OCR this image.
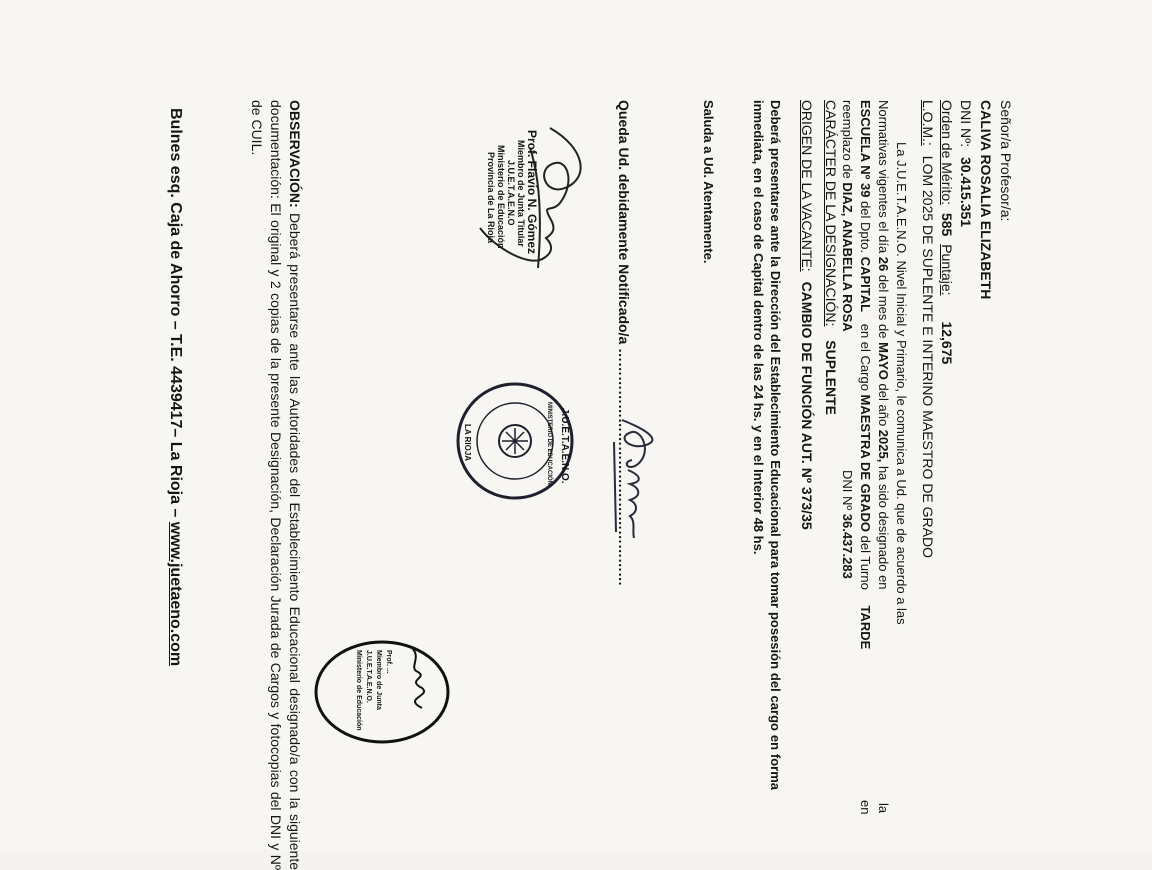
Señor/a Profesor/a:
CALIVA ROSALIA ELIZABETH
DNI Nº: 30.415.351
Orden de Mérito: 585 Puntaje: 12,675
L.O.M.: LOM 2025 DE SUPLENTE E INTERINO MAESTRO DE GRADO
La J.U.E.T.A.E.N.O. Nivel Inicial y Primario, le comunica a Ud. que de acuerdo a las
Normativas vigentes el día 26 del mes de MAYO del año 2025, ha sido designado en
la
ESCUELA Nº 39 del Dpto. CAPITAL en el Cargo MAESTRA DE GRADO del Turno TARDE
en
reemplazo de DIAZ, ANABELLA ROSA
DNI Nº 36.437.283
CARÁCTER DE LA DESIGNACIÓN: SUPLENTE
ORIGEN DE LA VACANTE: CAMBIO DE FUNCIÓN AUT. Nº 373/35
Deberá presentarse ante la Dirección del Establecimiento Educacional para tomar posesión del cargo en forma inmediata, en el caso de Capital dentro de las 24 hs. y en el Interior 48 hs.
Saluda a Ud. Atentamente.
Queda Ud. debidamente Notificado/a ……………………………………………
Prof. Flavio N. Gómez
Miembro de Junta Titular
J.U.E.T.A.E.N.O
Ministerio de Educación
Provincia de La Rioja
J.U.E.T.A.E.N.O.
MINISTERIO DE EDUCACIÓN
LA RIOJA
Prof. ...
Miembro de Junta
J.U.E.T.A.E.N.O.
Ministerio de Educación
OBSERVACIÓN: Deberá presentarse ante las Autoridades del Establecimiento Educacional designado/a con la siguiente documentación: El original y 2 copias de la presente Designación, Declaración Jurada de Cargos y fotocopias del DNI y Nº de CUIL.
Bulnes esq. Caja de Ahorro – T.E. 4439417– La Rioja – www.juetaeno.com
